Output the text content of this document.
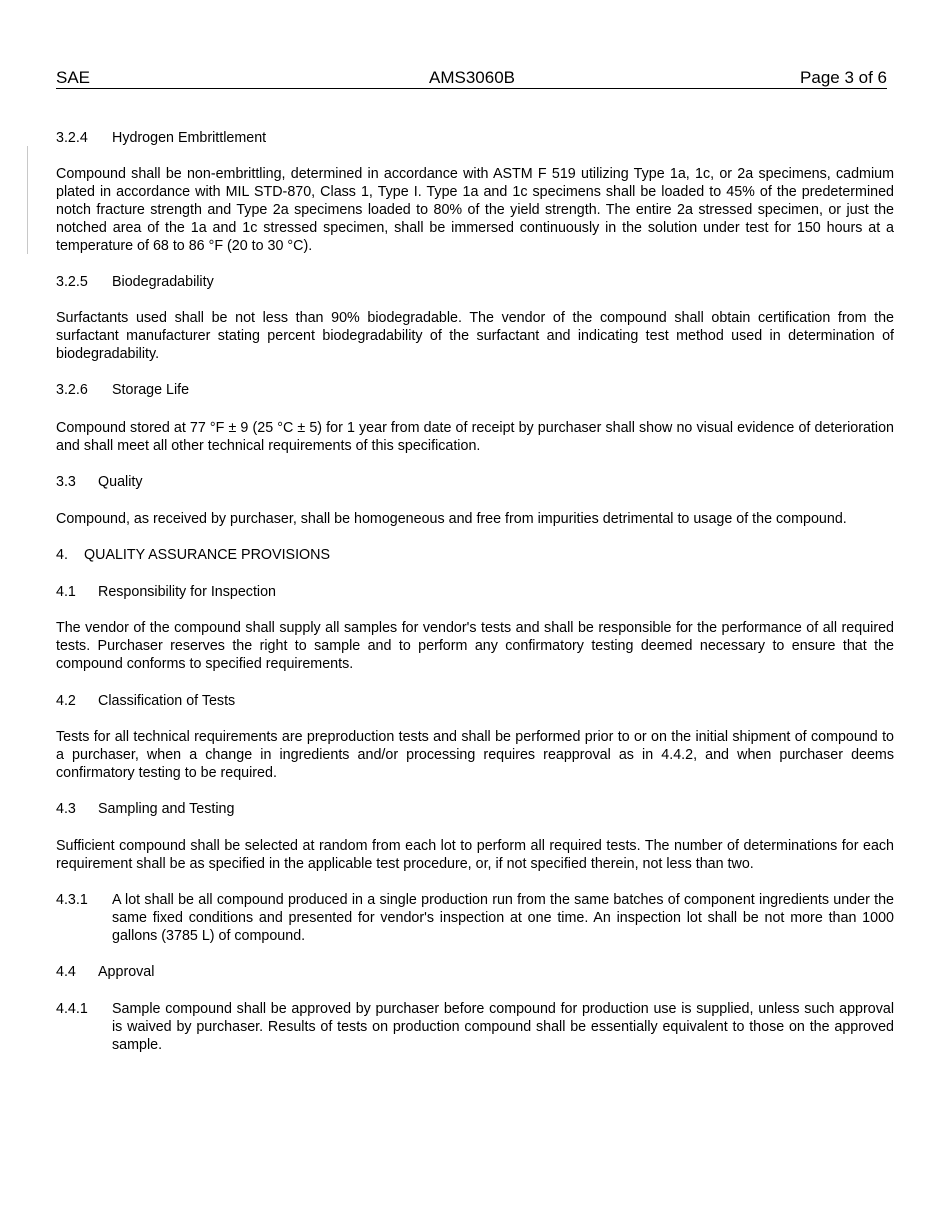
SAE	AMS3060B	Page 3 of 6

3.2.4 Hydrogen Embrittlement

Compound shall be non-embrittling, determined in accordance with ASTM F 519 utilizing Type 1a, 1c, or 2a specimens, cadmium plated in accordance with MIL STD-870, Class 1, Type I. Type 1a and 1c specimens shall be loaded to 45% of the predetermined notch fracture strength and Type 2a specimens loaded to 80% of the yield strength. The entire 2a stressed specimen, or just the notched area of the 1a and 1c stressed specimen, shall be immersed continuously in the solution under test for 150 hours at a temperature of 68 to 86 °F (20 to 30 °C).

3.2.5 Biodegradability

Surfactants used shall be not less than 90% biodegradable. The vendor of the compound shall obtain certification from the surfactant manufacturer stating percent biodegradability of the surfactant and indicating test method used in determination of biodegradability.

3.2.6 Storage Life

Compound stored at 77 °F ± 9 (25 °C ± 5) for 1 year from date of receipt by purchaser shall show no visual evidence of deterioration and shall meet all other technical requirements of this specification.

3.3 Quality

Compound, as received by purchaser, shall be homogeneous and free from impurities detrimental to usage of the compound.

4. QUALITY ASSURANCE PROVISIONS

4.1 Responsibility for Inspection

The vendor of the compound shall supply all samples for vendor's tests and shall be responsible for the performance of all required tests. Purchaser reserves the right to sample and to perform any confirmatory testing deemed necessary to ensure that the compound conforms to specified requirements.

4.2 Classification of Tests

Tests for all technical requirements are preproduction tests and shall be performed prior to or on the initial shipment of compound to a purchaser, when a change in ingredients and/or processing requires reapproval as in 4.4.2, and when purchaser deems confirmatory testing to be required.

4.3 Sampling and Testing

Sufficient compound shall be selected at random from each lot to perform all required tests. The number of determinations for each requirement shall be as specified in the applicable test procedure, or, if not specified therein, not less than two.

4.3.1 A lot shall be all compound produced in a single production run from the same batches of component ingredients under the same fixed conditions and presented for vendor's inspection at one time. An inspection lot shall be not more than 1000 gallons (3785 L) of compound.

4.4 Approval

4.4.1 Sample compound shall be approved by purchaser before compound for production use is supplied, unless such approval is waived by purchaser. Results of tests on production compound shall be essentially equivalent to those on the approved sample.
